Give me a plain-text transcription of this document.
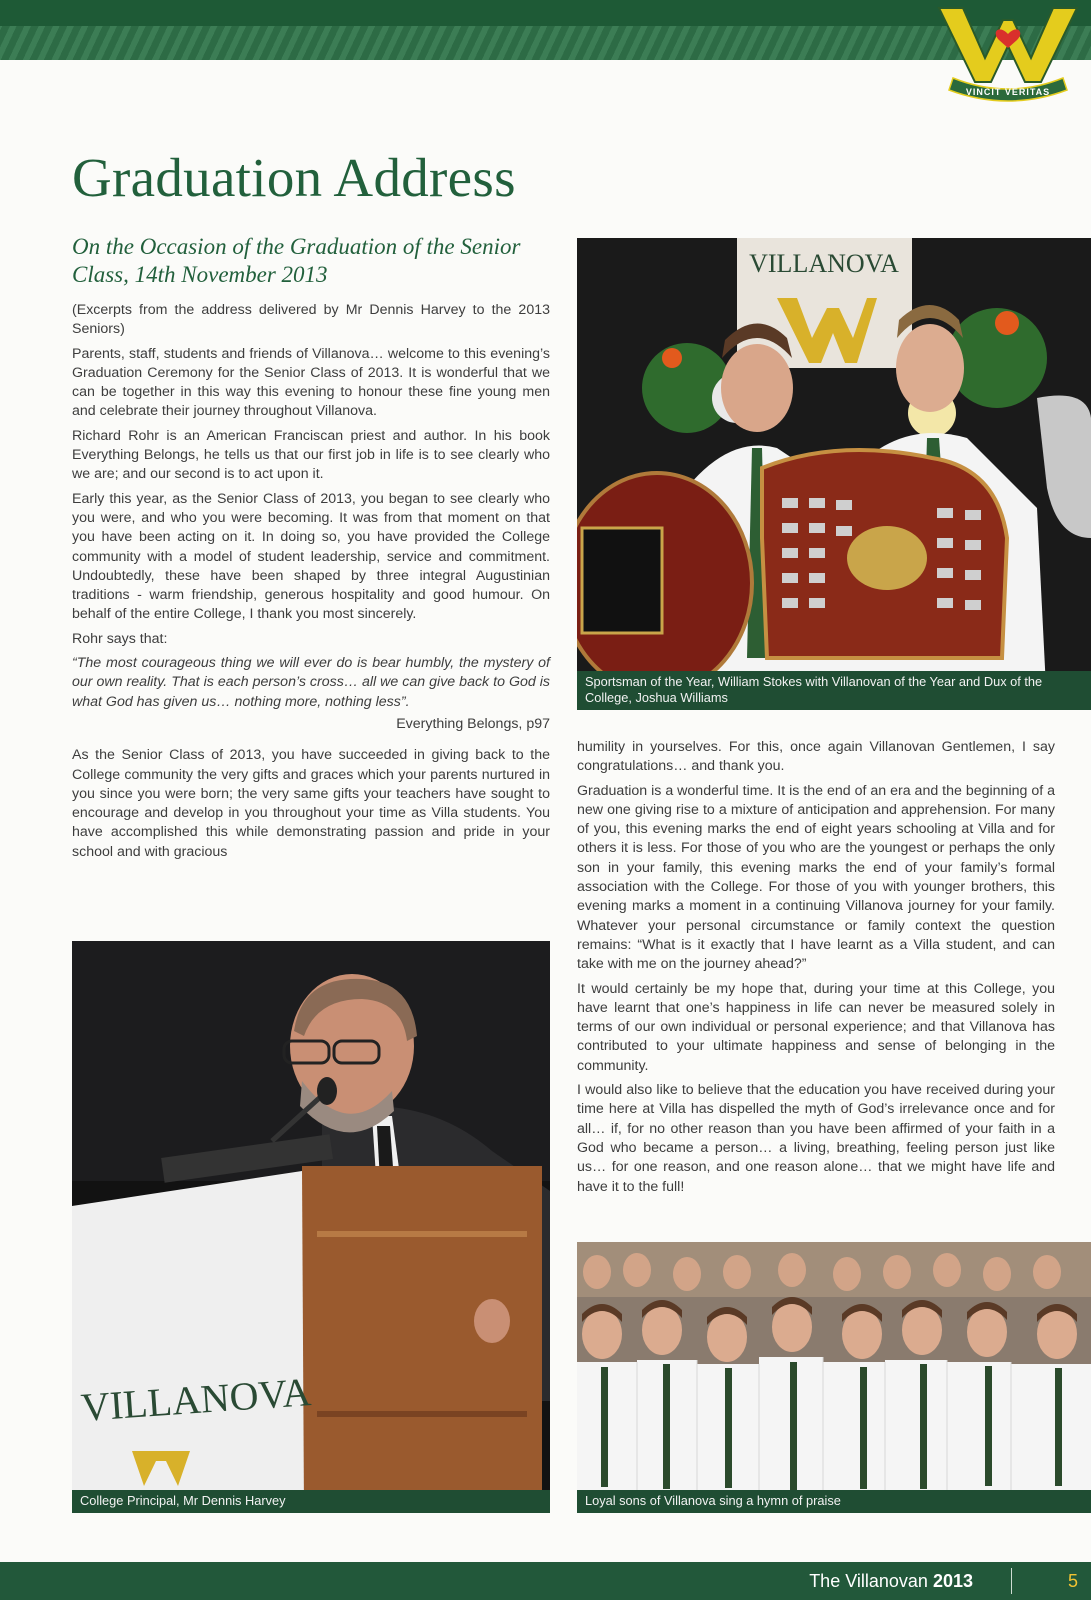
VINCIT VERITAS
Graduation Address
On the Occasion of the Graduation of the Senior Class, 14th November 2013

(Excerpts from the address delivered by Mr Dennis Harvey to the 2013 Seniors)

Parents, staff, students and friends of Villanova… welcome to this evening’s Graduation Ceremony for the Senior Class of 2013. It is wonderful that we can be together in this way this evening to honour these fine young men and celebrate their journey throughout Villanova.

Richard Rohr is an American Franciscan priest and author. In his book Everything Belongs, he tells us that our first job in life is to see clearly who we are; and our second is to act upon it.

Early this year, as the Senior Class of 2013, you began to see clearly who you were, and who you were becoming. It was from that moment on that you have been acting on it. In doing so, you have provided the College community with a model of student leadership, service and commitment. Undoubtedly, these have been shaped by three integral Augustinian traditions - warm friendship, generous hospitality and good humour. On behalf of the entire College, I thank you most sincerely.

Rohr says that:

“The most courageous thing we will ever do is bear humbly, the mystery of our own reality. That is each person’s cross… all we can give back to God is what God has given us… nothing more, nothing less”.

Everything Belongs, p97

As the Senior Class of 2013, you have succeeded in giving back to the College community the very gifts and graces which your parents nurtured in you since you were born; the very same gifts your teachers have sought to encourage and develop in you throughout your time as Villa students. You have accomplished this while demonstrating passion and pride in your school and with gracious

humility in yourselves. For this, once again Villanovan Gentlemen, I say congratulations… and thank you.

Graduation is a wonderful time. It is the end of an era and the beginning of a new one giving rise to a mixture of anticipation and apprehension. For many of you, this evening marks the end of eight years schooling at Villa and for others it is less. For those of you who are the youngest or perhaps the only son in your family, this evening marks the end of your family’s formal association with the College. For those of you with younger brothers, this evening marks a moment in a continuing Villanova journey for your family. Whatever your personal circumstance or family context the question remains: “What is it exactly that I have learnt as a Villa student, and can take with me on the journey ahead?”

It would certainly be my hope that, during your time at this College, you have learnt that one’s happiness in life can never be measured solely in terms of our own individual or personal experience; and that Villanova has contributed to your ultimate happiness and sense of belonging in the community.

I would also like to believe that the education you have received during your time here at Villa has dispelled the myth of God’s irrelevance once and for all… if, for no other reason than you have been affirmed of your faith in a God who became a person… a living, breathing, feeling person just like us… for one reason, and one reason alone… that we might have life and have it to the full!

VILLANOVA
Sportsman of the Year, William Stokes with Villanovan of the Year and Dux of the College, Joshua Williams
VILLANOVA
College Principal, Mr Dennis Harvey	Loyal sons of Villanova sing a hymn of praise
The Villanovan 2013	5
